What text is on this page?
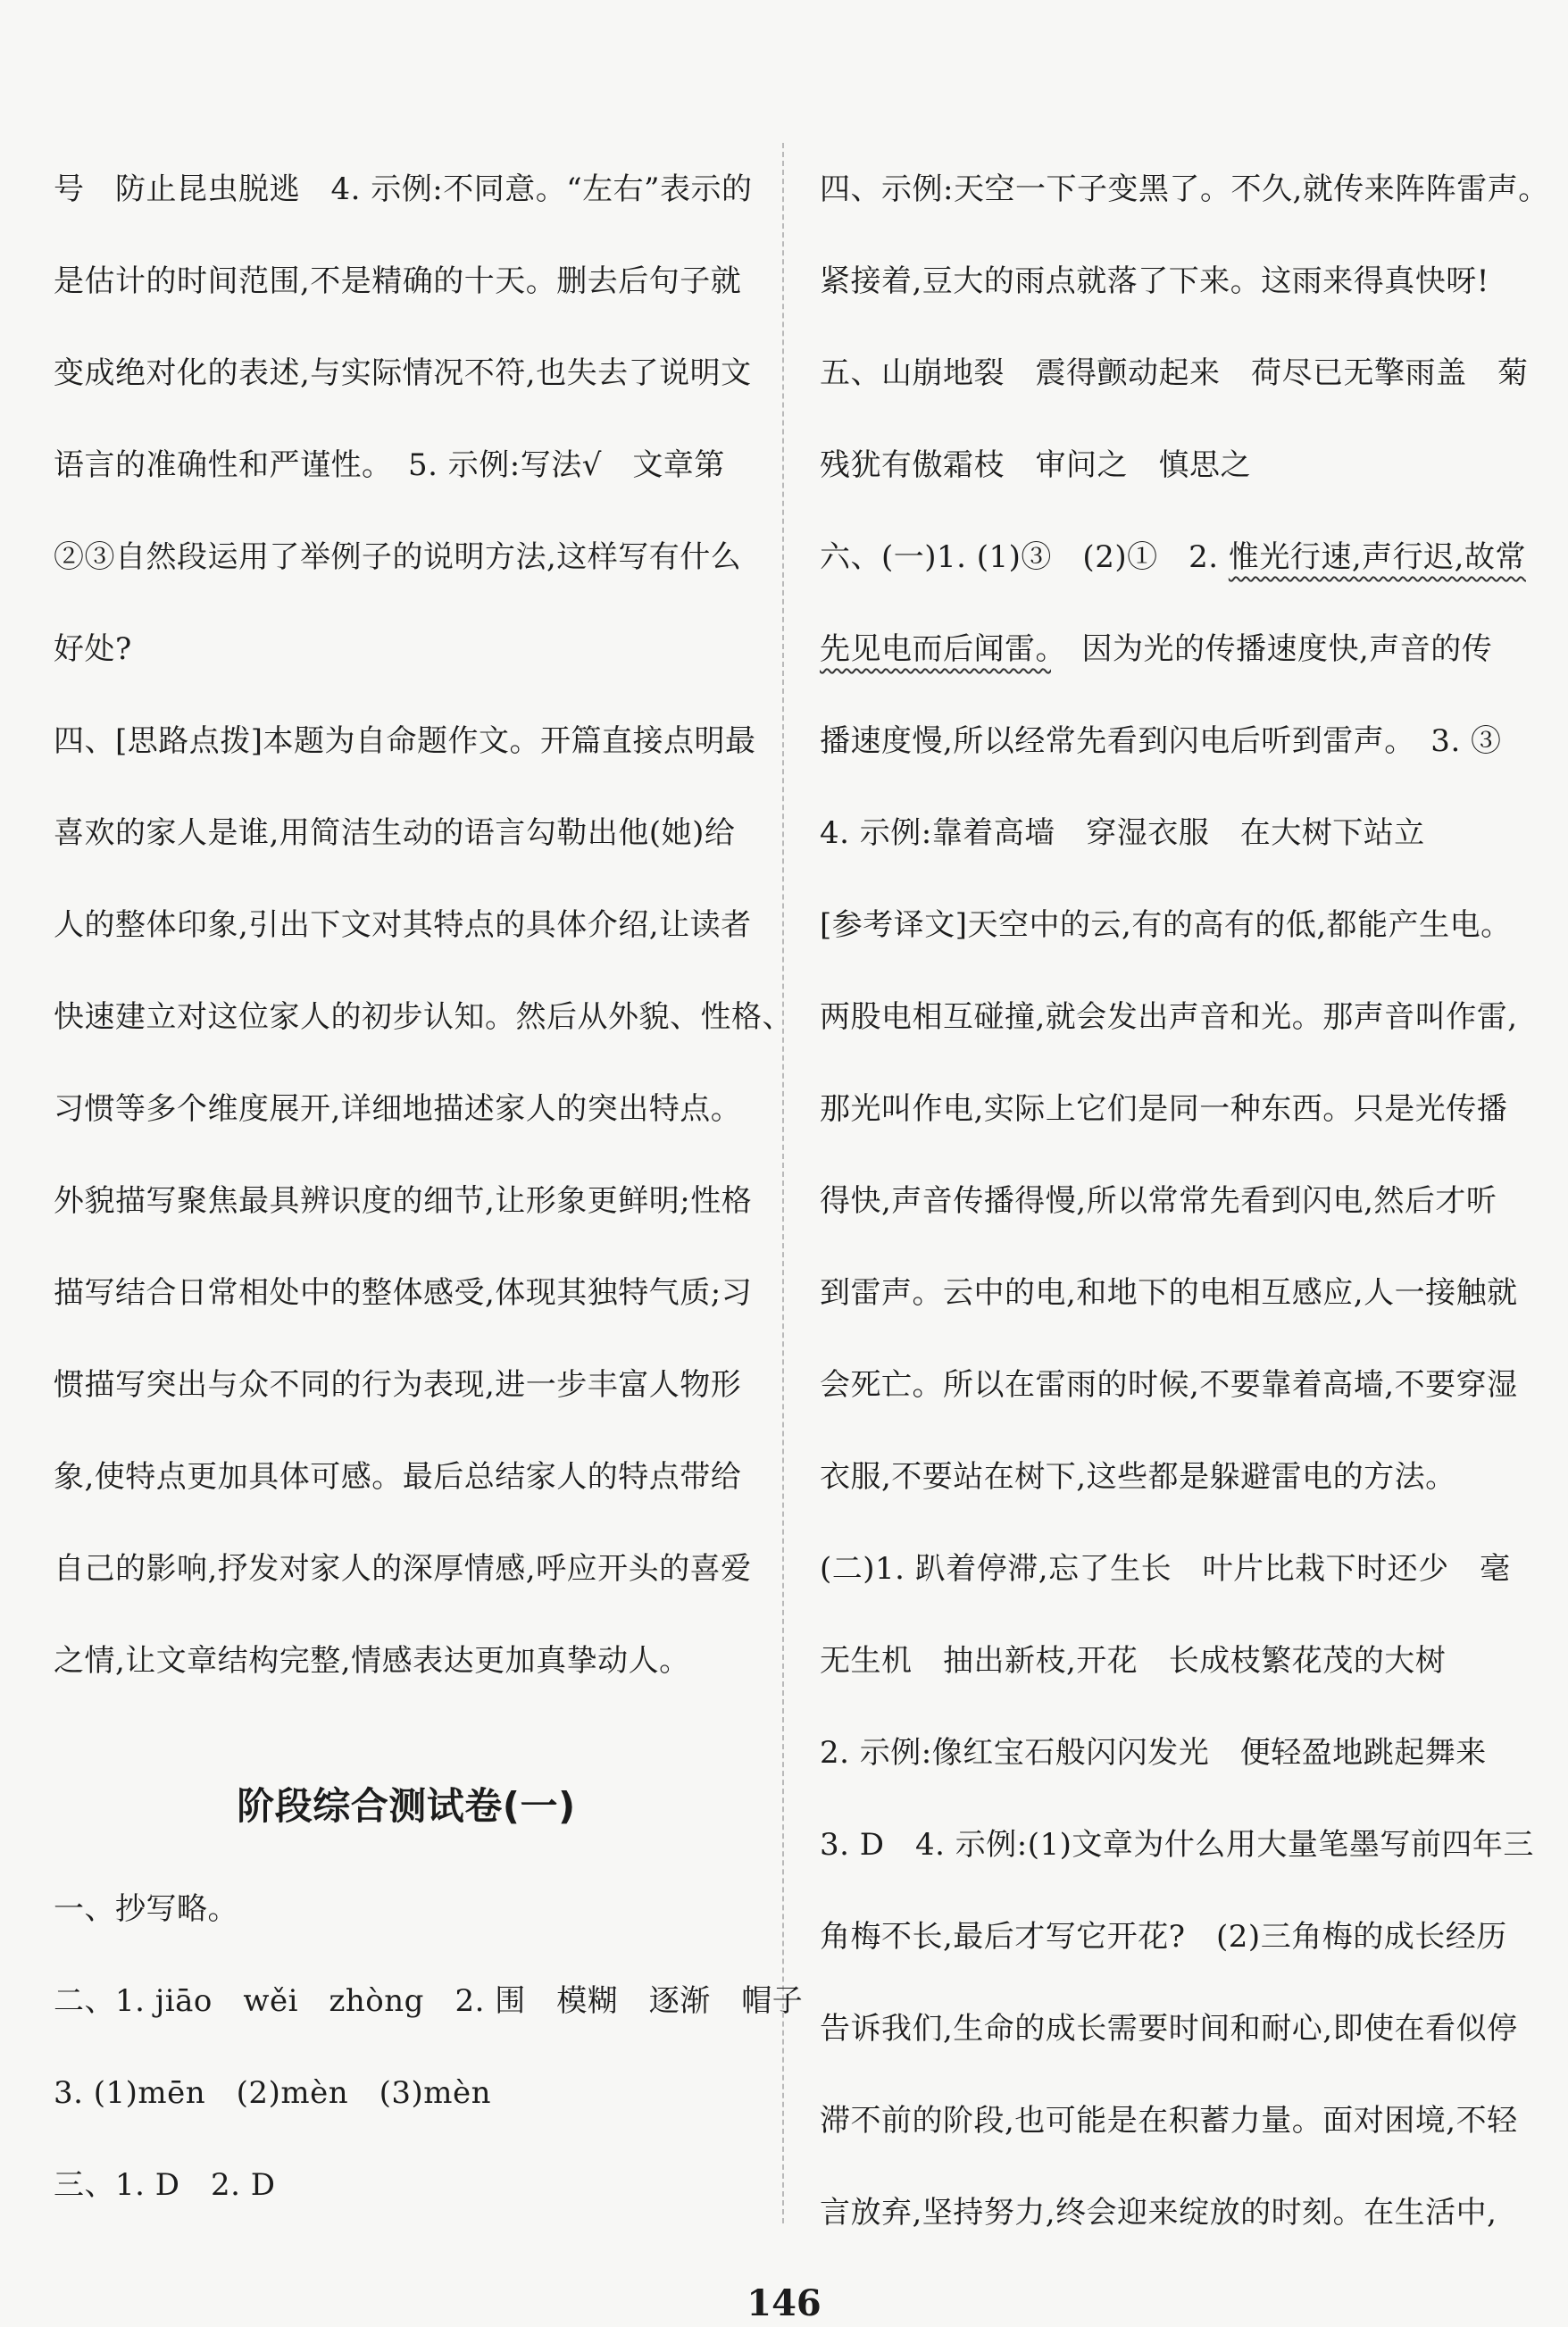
号　防止昆虫脱逃　4. 示例:不同意。“左右”表示的
是估计的时间范围,不是精确的十天。删去后句子就
变成绝对化的表述,与实际情况不符,也失去了说明文
语言的准确性和严谨性。　5. 示例:写法√　文章第
②③自然段运用了举例子的说明方法,这样写有什么
好处?
四、[思路点拨]本题为自命题作文。开篇直接点明最
喜欢的家人是谁,用简洁生动的语言勾勒出他(她)给
人的整体印象,引出下文对其特点的具体介绍,让读者
快速建立对这位家人的初步认知。然后从外貌、性格、
习惯等多个维度展开,详细地描述家人的突出特点。
外貌描写聚焦最具辨识度的细节,让形象更鲜明;性格
描写结合日常相处中的整体感受,体现其独特气质;习
惯描写突出与众不同的行为表现,进一步丰富人物形
象,使特点更加具体可感。最后总结家人的特点带给
自己的影响,抒发对家人的深厚情感,呼应开头的喜爱
之情,让文章结构完整,情感表达更加真挚动人。
阶段综合测试卷(一)
一、抄写略。
二、1. jiāo　wěi　zhòng　2. 围　模糊　逐渐　帽子
3. (1)mēn　(2)mèn　(3)mèn
三、1. D　2. D
四、示例:天空一下子变黑了。不久,就传来阵阵雷声。
紧接着,豆大的雨点就落了下来。这雨来得真快呀!
五、山崩地裂　震得颤动起来　荷尽已无擎雨盖　菊
残犹有傲霜枝　审问之　慎思之
六、(一)1. (1)③　(2)①　2. 惟光行速,声行迟,故常
先见电而后闻雷。　因为光的传播速度快,声音的传
播速度慢,所以经常先看到闪电后听到雷声。　3. ③
4. 示例:靠着高墙　穿湿衣服　在大树下站立
[参考译文]天空中的云,有的高有的低,都能产生电。
两股电相互碰撞,就会发出声音和光。那声音叫作雷,
那光叫作电,实际上它们是同一种东西。只是光传播
得快,声音传播得慢,所以常常先看到闪电,然后才听
到雷声。云中的电,和地下的电相互感应,人一接触就
会死亡。所以在雷雨的时候,不要靠着高墙,不要穿湿
衣服,不要站在树下,这些都是躲避雷电的方法。
(二)1. 趴着停滞,忘了生长　叶片比栽下时还少　毫
无生机　抽出新枝,开花　长成枝繁花茂的大树
2. 示例:像红宝石般闪闪发光　便轻盈地跳起舞来
3. D　4. 示例:(1)文章为什么用大量笔墨写前四年三
角梅不长,最后才写它开花?　(2)三角梅的成长经历
告诉我们,生命的成长需要时间和耐心,即使在看似停
滞不前的阶段,也可能是在积蓄力量。面对困境,不轻
言放弃,坚持努力,终会迎来绽放的时刻。在生活中,
146
